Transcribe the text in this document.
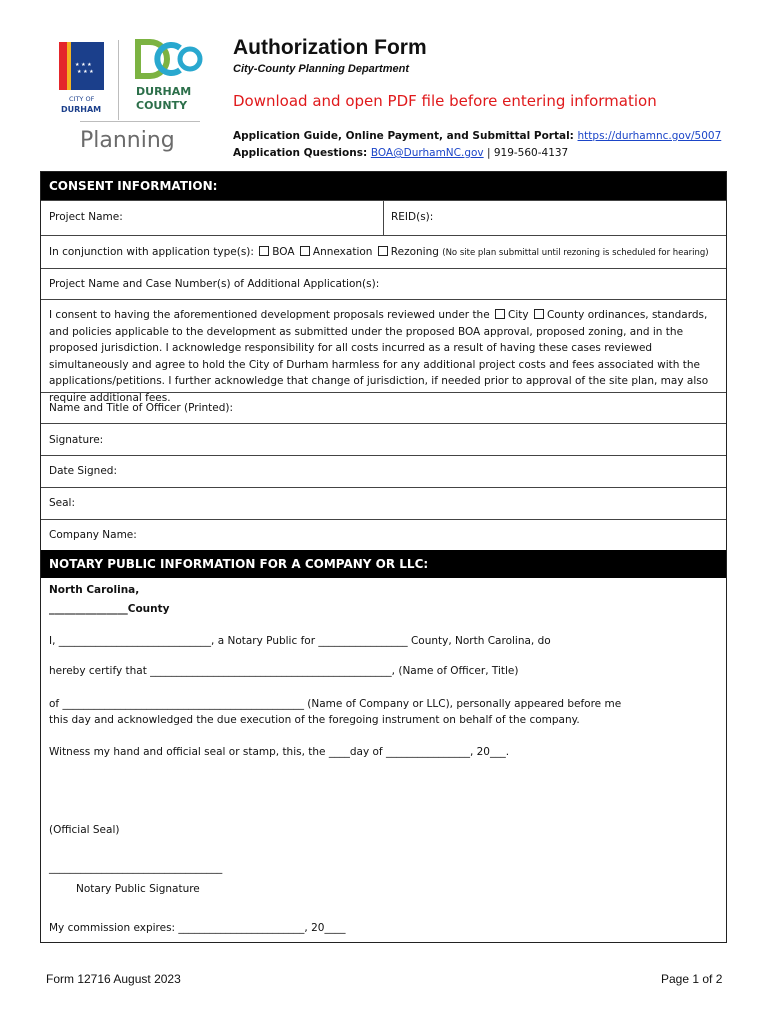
★ ★ ★
★ ★ ★
CITY OF
DURHAM
DURHAM
COUNTY
Planning
Authorization Form
City-County Planning Department
Download and open PDF file before entering information
Application Guide, Online Payment, and Submittal Portal: https://durhamnc.gov/5007
Application Questions: BOA@DurhamNC.gov | 919-560-4137
CONSENT INFORMATION:
Project Name:	REID(s):
In conjunction with application type(s): BOA Annexation Rezoning (No site plan submittal until rezoning is scheduled for hearing)
Project Name and Case Number(s) of Additional Application(s):
I consent to having the aforementioned development proposals reviewed under the City County ordinances, standards, and policies applicable to the development as submitted under the proposed BOA approval, proposed zoning, and in the proposed jurisdiction. I acknowledge responsibility for all costs incurred as a result of having these cases reviewed simultaneously and agree to hold the City of Durham harmless for any additional project costs and fees associated with the applications/petitions. I further acknowledge that change of jurisdiction, if needed prior to approval of the site plan, may also require additional fees.
Name and Title of Officer (Printed):
Signature:
Date Signed:
Seal:
Company Name:
NOTARY PUBLIC INFORMATION FOR A COMPANY OR LLC:
North Carolina,
_______________County
I, _____________________________, a Notary Public for _________________ County, North Carolina, do
hereby certify that ______________________________________________, (Name of Officer, Title)
of ______________________________________________ (Name of Company or LLC), personally appeared before me
this day and acknowledged the due execution of the foregoing instrument on behalf of the company.
Witness my hand and official seal or stamp, this, the ____day of ________________, 20___.
(Official Seal)
_________________________________
Notary Public Signature
My commission expires: ________________________, 20____
Form 12716 August 2023	Page 1 of 2
